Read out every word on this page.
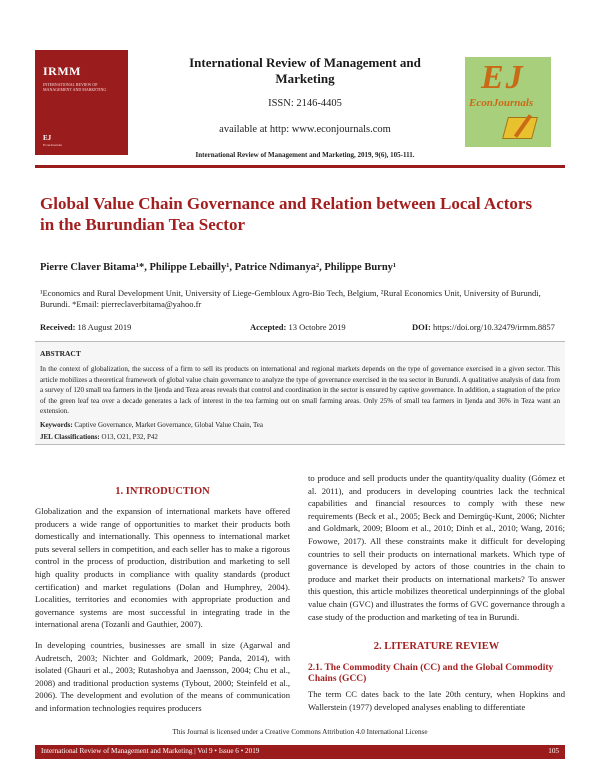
IRMM
INTERNATIONAL REVIEW OF MANAGEMENT AND MARKETING
EJ
EconJournals
International Review of Management and Marketing
ISSN: 2146-4405
available at http: www.econjournals.com
International Review of Management and Marketing, 2019, 9(6), 105-111.
EJ
EconJournals
Global Value Chain Governance and Relation between Local Actors in the Burundian Tea Sector
Pierre Claver Bitama¹*, Philippe Lebailly¹, Patrice Ndimanya², Philippe Burny¹
¹Economics and Rural Development Unit, University of Liege-Gembloux Agro-Bio Tech, Belgium, ²Rural Economics Unit, University of Burundi, Burundi. *Email: pierreclaverbitama@yahoo.fr
Received: 18 August 2019	Accepted: 13 Octobre 2019	DOI: https://doi.org/10.32479/irmm.8857
ABSTRACT
In the context of globalization, the success of a firm to sell its products on international and regional markets depends on the type of governance exercised in a given sector. This article mobilizes a theoretical framework of global value chain governance to analyze the type of governance exercised in the tea sector in Burundi. A qualitative analysis of data from a survey of 120 small tea farmers in the Ijenda and Teza areas reveals that control and coordination in the sector is ensured by captive governance. In addition, a stagnation of the price of the green leaf tea over a decade generates a lack of interest in the tea farming out on small farming areas. Only 25% of small tea farmers in Ijenda and 36% in Teza want an extension.
Keywords: Captive Governance, Market Governance, Global Value Chain, Tea
JEL Classifications: O13, O21, P32, P42
1. INTRODUCTION

Globalization and the expansion of international markets have offered producers a wide range of opportunities to market their products both domestically and internationally. This openness to international market puts several sellers in competition, and each seller has to make a rigorous control in the process of production, distribution and marketing to sell high quality products in compliance with quality standards (product certification) and market regulations (Dolan and Humphrey, 2004). Localities, territories and economies with appropriate production and governance systems are most successful in integrating trade in the international arena (Tozanli and Gauthier, 2007).

In developing countries, businesses are small in size (Agarwal and Audretsch, 2003; Nichter and Goldmark, 2009; Panda, 2014), with isolated (Ghauri et al., 2003; Rutashobya and Jaensson, 2004; Chu et al., 2008) and traditional production systems (Tybout, 2000; Steinfeld et al., 2006). The development and evolution of the means of communication and information technologies requires producers

to produce and sell products under the quantity/quality duality (Gómez et al. 2011), and producers in developing countries lack the technical capabilities and financial resources to comply with these new requirements (Beck et al., 2005; Beck and Demirgüç-Kunt, 2006; Nichter and Goldmark, 2009; Bloom et al., 2010; Dinh et al., 2010; Wang, 2016; Fowowe, 2017). All these constraints make it difficult for developing countries to sell their products on international markets. Which type of governance is developed by actors of those countries in the chain to produce and market their products on international markets? To answer this question, this article mobilizes theoretical underpinnings of the global value chain (GVC) and illustrates the forms of GVC governance through a case study of the production and marketing of tea in Burundi.
2. LITERATURE REVIEW
2.1. The Commodity Chain (CC) and the Global Commodity Chains (GCC)
The term CC dates back to the late 20th century, when Hopkins and Wallerstein (1977) developed analyses enabling to differentiate
This Journal is licensed under a Creative Commons Attribution 4.0 International License
International Review of Management and Marketing | Vol 9 • Issue 6 • 2019	105
